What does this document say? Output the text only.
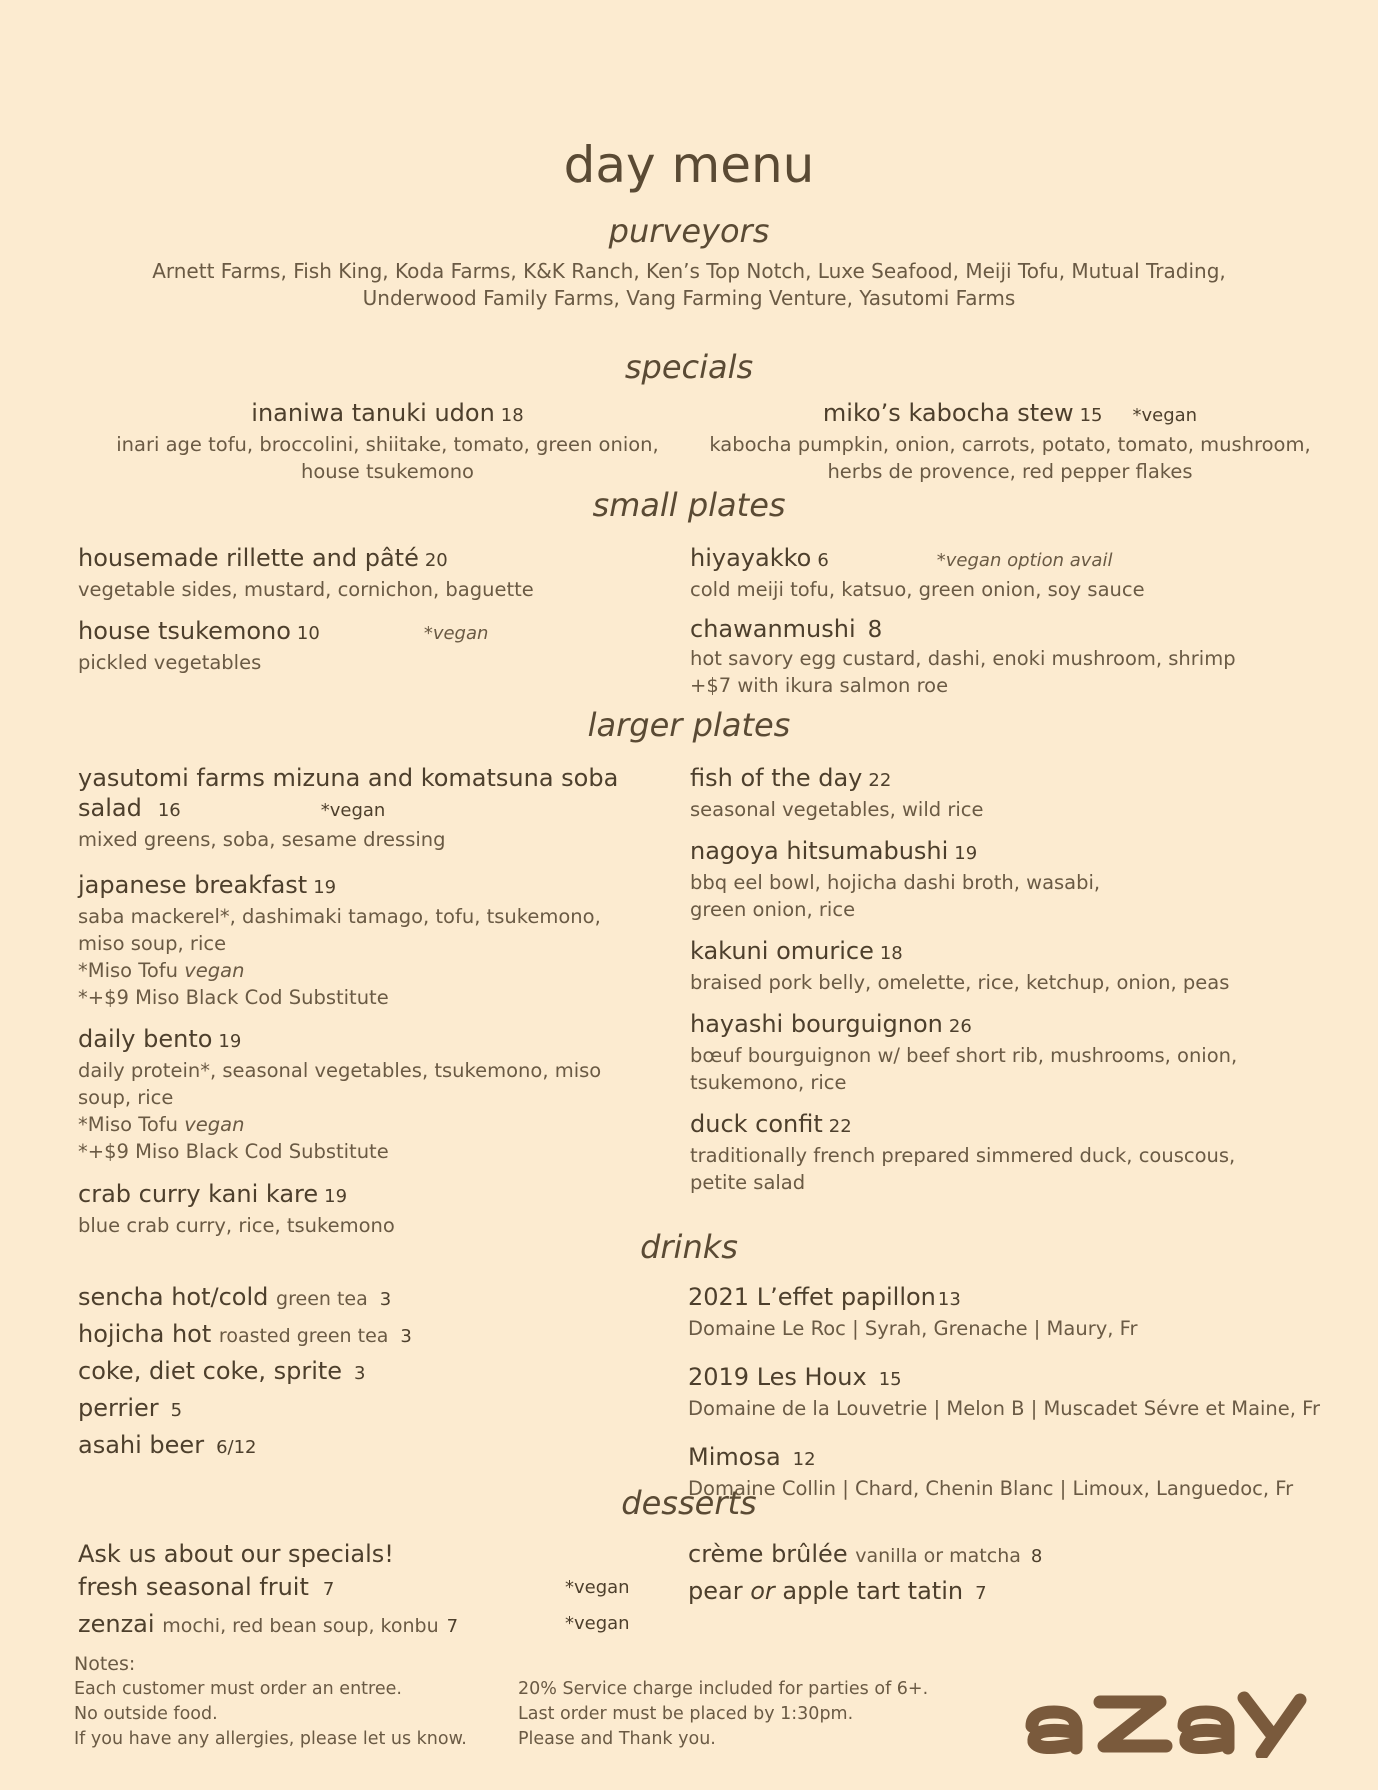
day menu
purveyors
Arnett Farms, Fish King, Koda Farms, K&K Ranch, Ken’s Top Notch, Luxe Seafood, Meiji Tofu, Mutual Trading,
Underwood Family Farms, Vang Farming Venture, Yasutomi Farms
specials
inaniwa tanuki udon 18
inari age tofu, broccolini, shiitake, tomato, green onion,
house tsukemono
miko’s kabocha stew 15 *vegan
kabocha pumpkin, onion, carrots, potato, tomato, mushroom,
herbs de provence, red pepper flakes
small plates
housemade rillette and pâté 20
vegetable sides, mustard, cornichon, baguette
house tsukemono 10	*vegan
pickled vegetables
hiyayakko 6	*vegan option avail
cold meiji tofu, katsuo, green onion, soy sauce
chawanmushi 8
hot savory egg custard, dashi, enoki mushroom, shrimp
+$7 with ikura salmon roe
larger plates
yasutomi farms mizuna and komatsuna soba
salad 16	*vegan
mixed greens, soba, sesame dressing
japanese breakfast 19
saba mackerel*, dashimaki tamago, tofu, tsukemono,
miso soup, rice
*Miso Tofu vegan
*+$9 Miso Black Cod Substitute
daily bento 19
daily protein*, seasonal vegetables, tsukemono, miso
soup, rice
*Miso Tofu vegan
*+$9 Miso Black Cod Substitute
crab curry kani kare 19
blue crab curry, rice, tsukemono
fish of the day 22
seasonal vegetables, wild rice
nagoya hitsumabushi 19
bbq eel bowl, hojicha dashi broth, wasabi,
green onion, rice
kakuni omurice 18
braised pork belly, omelette, rice, ketchup, onion, peas
hayashi bourguignon 26
bœuf bourguignon w/ beef short rib, mushrooms, onion,
tsukemono, rice
duck confit 22
traditionally french prepared simmered duck, couscous,
petite salad
drinks
sencha hot/cold green tea 3
hojicha hot roasted green tea 3
coke, diet coke, sprite 3
perrier 5
asahi beer 6/12
2021 L’effet papillon 13
Domaine Le Roc | Syrah, Grenache | Maury, Fr
2019 Les Houx 15
Domaine de la Louvetrie | Melon B | Muscadet Sévre et Maine, Fr
Mimosa 12
Domaine Collin | Chard, Chenin Blanc | Limoux, Languedoc, Fr
desserts
Ask us about our specials!
fresh seasonal fruit 7	*vegan
zenzai mochi, red bean soup, konbu 7	*vegan
crème brûlée vanilla or matcha 8
pear or apple tart tatin 7
Notes:
Each customer must order an entree.
No outside food.
If you have any allergies, please let us know.
20% Service charge included for parties of 6+.
Last order must be placed by 1:30pm.
Please and Thank you.
